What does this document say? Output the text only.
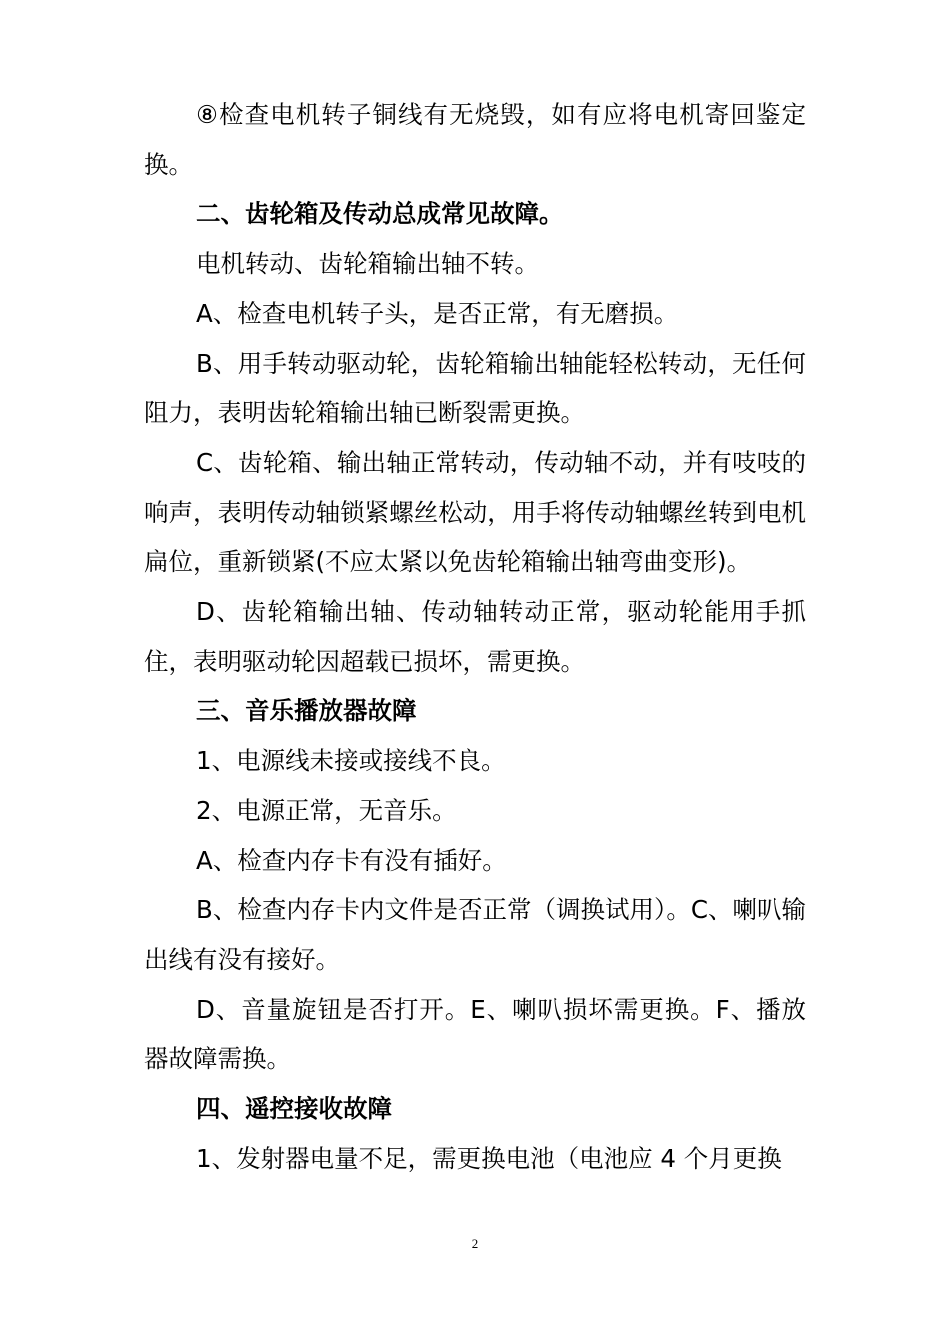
⑧检查电机转子铜线有无烧毁，如有应将电机寄回鉴定换。

二、齿轮箱及传动总成常见故障。

电机转动、齿轮箱输出轴不转。

A、检查电机转子头，是否正常，有无磨损。

B、用手转动驱动轮，齿轮箱输出轴能轻松转动，无任何阻力，表明齿轮箱输出轴已断裂需更换。

C、齿轮箱、输出轴正常转动，传动轴不动，并有吱吱的响声，表明传动轴锁紧螺丝松动，用手将传动轴螺丝转到电机扁位，重新锁紧(不应太紧以免齿轮箱输出轴弯曲变形)。

D、齿轮箱输出轴、传动轴转动正常，驱动轮能用手抓住，表明驱动轮因超载已损坏，需更换。

三、音乐播放器故障

1、电源线未接或接线不良。

2、电源正常，无音乐。

A、检查内存卡有没有插好。

B、检查内存卡内文件是否正常（调换试用）。C、喇叭输出线有没有接好。

D、音量旋钮是否打开。E、喇叭损坏需更换。F、播放器故障需换。

四、遥控接收故障

1、发射器电量不足，需更换电池（电池应 4 个月更换

2
